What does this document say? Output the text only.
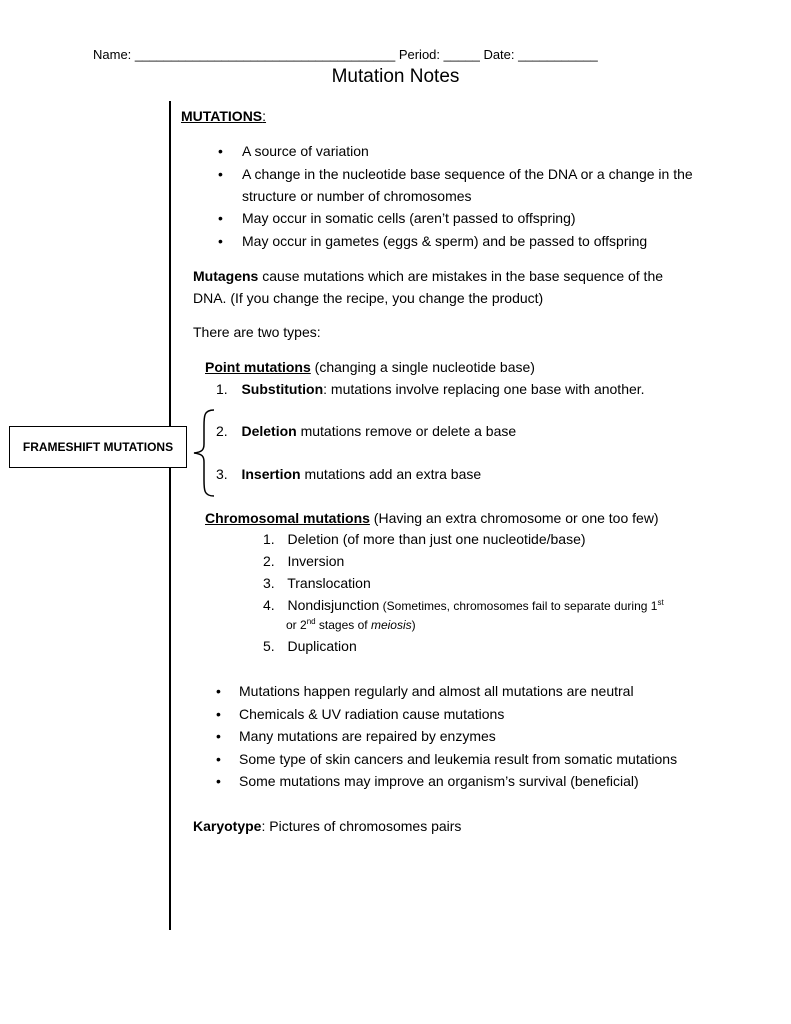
Name: ____________________________________ Period: _____ Date: ___________
Mutation Notes
FRAMESHIFT MUTATIONS
MUTATIONS:
• A source of variation
• A change in the nucleotide base sequence of the DNA or a change in the
structure or number of chromosomes
• May occur in somatic cells (aren’t passed to offspring)
• May occur in gametes (eggs & sperm) and be passed to offspring
Mutagens cause mutations which are mistakes in the base sequence of the
DNA. (If you change the recipe, you change the product)
There are two types:
Point mutations (changing a single nucleotide base)
1. Substitution: mutations involve replacing one base with another.
2. Deletion mutations remove or delete a base
3. Insertion mutations add an extra base
Chromosomal mutations (Having an extra chromosome or one too few)
1. Deletion (of more than just one nucleotide/base)
2. Inversion
3. Translocation
4. Nondisjunction (Sometimes, chromosomes fail to separate during 1st
or 2nd stages of meiosis)
5. Duplication
• Mutations happen regularly and almost all mutations are neutral
• Chemicals & UV radiation cause mutations
• Many mutations are repaired by enzymes
• Some type of skin cancers and leukemia result from somatic mutations
• Some mutations may improve an organism’s survival (beneficial)
Karyotype: Pictures of chromosomes pairs
